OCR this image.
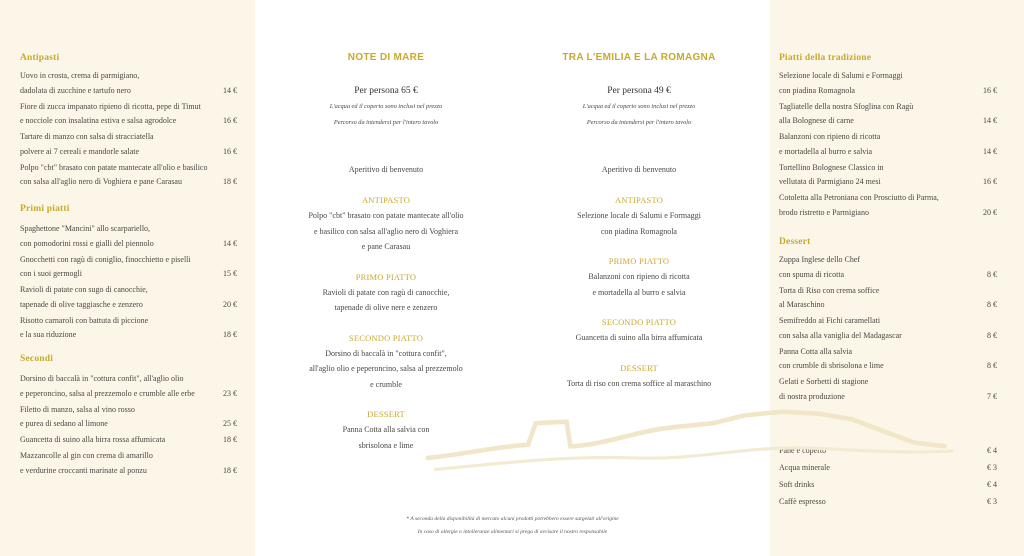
Antipasti
Uovo in crosta, crema di parmigiano,
dadolata di zucchine e tartufo nero	14 €
Fiore di zucca impanato ripieno di ricotta, pepe di Timut
e nocciole con insalatina estiva e salsa agrodolce	16 €
Tartare di manzo con salsa di stracciatella
polvere ai 7 cereali e mandorle salate	16 €
Polpo "cbt" brasato con patate mantecate all'olio e basilico
con salsa all'aglio nero di Voghiera e pane Carasau	18 €
Primi piatti
Spaghettone "Mancini" allo scarpariello,
con pomodorini rossi e gialli del piennolo	14 €
Gnocchetti con ragù di coniglio, finocchietto e piselli
con i suoi germogli	15 €
Ravioli di patate con sugo di canocchie,
tapenade di olive taggiasche e zenzero	20 €
Risotto carnaroli con battuta di piccione
e la sua riduzione	18 €
Secondi
Dorsino di baccalà in "cottura confit", all'aglio olio
e peperoncino, salsa al prezzemolo e crumble alle erbe	23 €
Filetto di manzo, salsa al vino rosso
e purea di sedano al limone	25 €
Guancetta di suino alla birra rossa affumicata	18 €
Mazzancolle al gin con crema di amarillo
e verdurine croccanti marinate al ponzu	18 €
NOTE DI MARE
Per persona 65 €
L'acqua ed il coperto sono inclusi nel prezzo
Percorso da intendersi per l'intero tavolo
Aperitivo di benvenuto
ANTIPASTO
Polpo "cbt" brasato con patate mantecate all'olio
e basilico con salsa all'aglio nero di Voghiera
e pane Carasau
PRIMO PIATTO
Ravioli di patate con ragù di canocchie,
tapenade di olive nere e zenzero
SECONDO PIATTO
Dorsino di baccalà in "cottura confit",
all'aglio olio e peperoncino, salsa al prezzemolo
e crumble
DESSERT
Panna Cotta alla salvia con
sbrisolona e lime
TRA L'EMILIA E LA ROMAGNA
Per persona 49 €
L'acqua ed il coperto sono inclusi nel prezzo
Percorso da intendersi per l'intero tavolo
Aperitivo di benvenuto
ANTIPASTO
Selezione locale di Salumi e Formaggi
con piadina Romagnola
PRIMO PIATTO
Balanzoni con ripieno di ricotta
e mortadella al burro e salvia
SECONDO PIATTO
Guancetta di suino alla birra affumicata
DESSERT
Torta di riso con crema soffice al maraschino
Piatti della tradizione
Selezione locale di Salumi e Formaggi
con piadina Romagnola	16 €
Tagliatelle della nostra Sfoglina con Ragù
alla Bolognese di carne	14 €
Balanzoni con ripieno di ricotta
e mortadella al burro e salvia	14 €
Tortellino Bolognese Classico in
vellutata di Parmigiano 24 mesi	16 €
Cotoletta alla Petroniana con Prosciutto di Parma,
brodo ristretto e Parmigiano	20 €
Dessert
Zuppa Inglese dello Chef
con spuma di ricotta	8 €
Torta di Riso con crema soffice
al Maraschino	8 €
Semifreddo ai Fichi caramellati
con salsa alla vaniglia del Madagascar	8 €
Panna Cotta alla salvia
con crumble di sbrisolona e lime	8 €
Gelati e Sorbetti di stagione
di nostra produzione	7 €
Pane e coperto	€ 4
Acqua minerale	€ 3
Soft drinks	€ 4
Caffè espresso	€ 3
* A seconda della disponibilità di mercato alcuni prodotti potrebbero essere surgelati all'origine
In caso di allergie o intolleranze alimentari si prega di avvisare il nostro responsabile
